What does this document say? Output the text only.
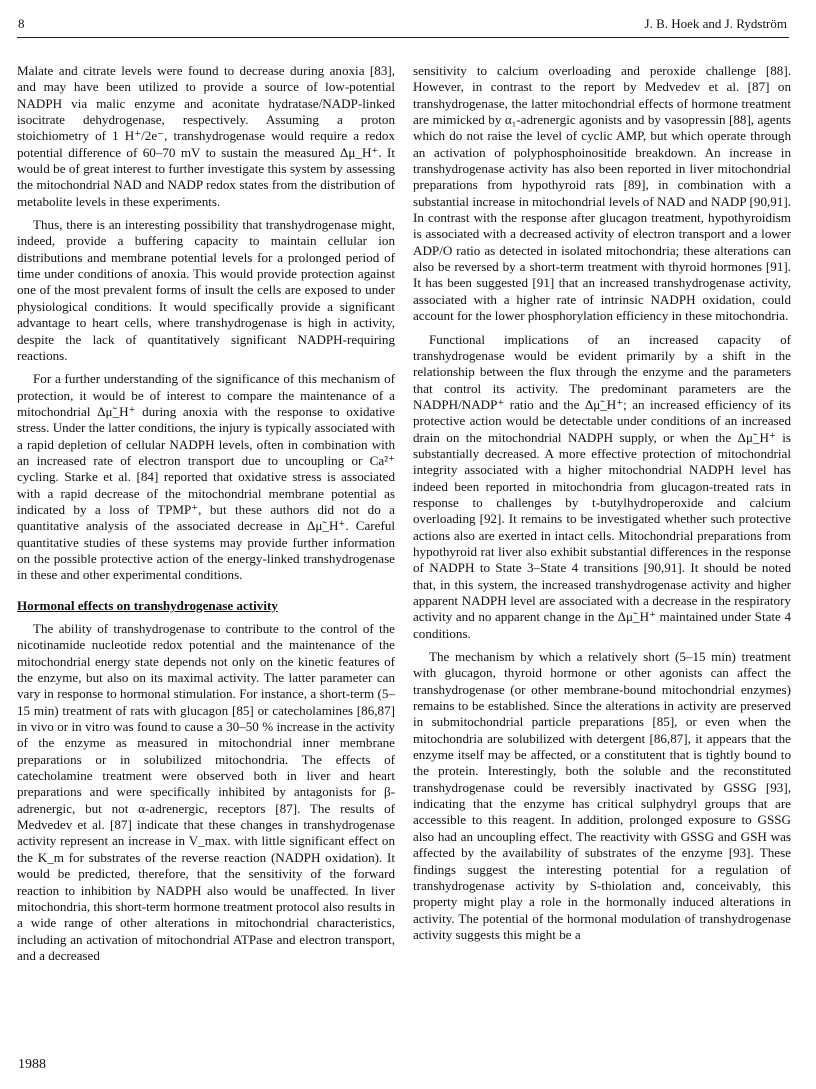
8	J. B. Hoek and J. Rydström

Malate and citrate levels were found to decrease during anoxia [83], and may have been utilized to provide a source of low-potential NADPH via malic enzyme and aconitate hydratase/NADP-linked isocitrate dehydrogenase, respectively. Assuming a proton stoichiometry of 1 H⁺/2e⁻, transhydrogenase would require a redox potential difference of 60–70 mV to sustain the measured Δμ_H⁺. It would be of great interest to further investigate this system by assessing the mitochondrial NAD and NADP redox states from the distribution of metabolite levels in these experiments.

Thus, there is an interesting possibility that transhydrogenase might, indeed, provide a buffering capacity to maintain cellular ion distributions and membrane potential levels for a prolonged period of time under conditions of anoxia. This would provide protection against one of the most prevalent forms of insult the cells are exposed to under physiological conditions. It would specifically provide a significant advantage to heart cells, where transhydrogenase is high in activity, despite the lack of quantitatively significant NADPH-requiring reactions.

For a further understanding of the significance of this mechanism of protection, it would be of interest to compare the maintenance of a mitochondrial Δμ̃_H⁺ during anoxia with the response to oxidative stress. Under the latter conditions, the injury is typically associated with a rapid depletion of cellular NADPH levels, often in combination with an increased rate of electron transport due to uncoupling or Ca²⁺ cycling. Starke et al. [84] reported that oxidative stress is associated with a rapid decrease of the mitochondrial membrane potential as indicated by a loss of TPMP⁺, but these authors did not do a quantitative analysis of the associated decrease in Δμ̃_H⁺. Careful quantitative studies of these systems may provide further information on the possible protective action of the energy-linked transhydrogenase in these and other experimental conditions.

Hormonal effects on transhydrogenase activity

The ability of transhydrogenase to contribute to the control of the nicotinamide nucleotide redox potential and the maintenance of the mitochondrial energy state depends not only on the kinetic features of the enzyme, but also on its maximal activity. The latter parameter can vary in response to hormonal stimulation. For instance, a short-term (5–15 min) treatment of rats with glucagon [85] or catecholamines [86,87] in vivo or in vitro was found to cause a 30–50 % increase in the activity of the enzyme as measured in mitochondrial inner membrane preparations or in solubilized mitochondria. The effects of catecholamine treatment were observed both in liver and heart preparations and were specifically inhibited by antagonists for β-adrenergic, but not α-adrenergic, receptors [87]. The results of Medvedev et al. [87] indicate that these changes in transhydrogenase activity represent an increase in V_max. with little significant effect on the K_m for substrates of the reverse reaction (NADPH oxidation). It would be predicted, therefore, that the sensitivity of the forward reaction to inhibition by NADPH also would be unaffected. In liver mitochondria, this short-term hormone treatment protocol also results in a wide range of other alterations in mitochondrial characteristics, including an activation of mitochondrial ATPase and electron transport, and a decreased

sensitivity to calcium overloading and peroxide challenge [88]. However, in contrast to the report by Medvedev et al. [87] on transhydrogenase, the latter mitochondrial effects of hormone treatment are mimicked by α₁-adrenergic agonists and by vasopressin [88], agents which do not raise the level of cyclic AMP, but which operate through an activation of polyphosphoinositide breakdown. An increase in transhydrogenase activity has also been reported in liver mitochondrial preparations from hypothyroid rats [89], in combination with a substantial increase in mitochondrial levels of NAD and NADP [90,91]. In contrast with the response after glucagon treatment, hypothyroidism is associated with a decreased activity of electron transport and a lower ADP/O ratio as detected in isolated mitochondria; these alterations can also be reversed by a short-term treatment with thyroid hormones [91]. It has been suggested [91] that an increased transhydrogenase activity, associated with a higher rate of intrinsic NADPH oxidation, could account for the lower phosphorylation efficiency in these mitochondria.

Functional implications of an increased capacity of transhydrogenase would be evident primarily by a shift in the relationship between the flux through the enzyme and the parameters that control its activity. The predominant parameters are the NADPH/NADP⁺ ratio and the Δμ̃_H⁺; an increased efficiency of its protective action would be detectable under conditions of an increased drain on the mitochondrial NADPH supply, or when the Δμ̃_H⁺ is substantially decreased. A more effective protection of mitochondrial integrity associated with a higher mitochondrial NADPH level has indeed been reported in mitochondria from glucagon-treated rats in response to challenges by t-butylhydroperoxide and calcium overloading [92]. It remains to be investigated whether such protective actions also are exerted in intact cells. Mitochondrial preparations from hypothyroid rat liver also exhibit substantial differences in the response of NADPH to State 3–State 4 transitions [90,91]. It should be noted that, in this system, the increased transhydrogenase activity and higher apparent NADPH level are associated with a decrease in the respiratory activity and no apparent change in the Δμ̃_H⁺ maintained under State 4 conditions.

The mechanism by which a relatively short (5–15 min) treatment with glucagon, thyroid hormone or other agonists can affect the transhydrogenase (or other membrane-bound mitochondrial enzymes) remains to be established. Since the alterations in activity are preserved in submitochondrial particle preparations [85], or even when the mitochondria are solubilized with detergent [86,87], it appears that the enzyme itself may be affected, or a constitutent that is tightly bound to the protein. Interestingly, both the soluble and the reconstituted transhydrogenase could be reversibly inactivated by GSSG [93], indicating that the enzyme has critical sulphydryl groups that are accessible to this reagent. In addition, prolonged exposure to GSSG also had an uncoupling effect. The reactivity with GSSG and GSH was affected by the availability of substrates of the enzyme [93]. These findings suggest the interesting potential for a regulation of transhydrogenase activity by S-thiolation and, conceivably, this property might play a role in the hormonally induced alterations in activity. The potential of the hormonal modulation of transhydrogenase activity suggests this might be a

1988
